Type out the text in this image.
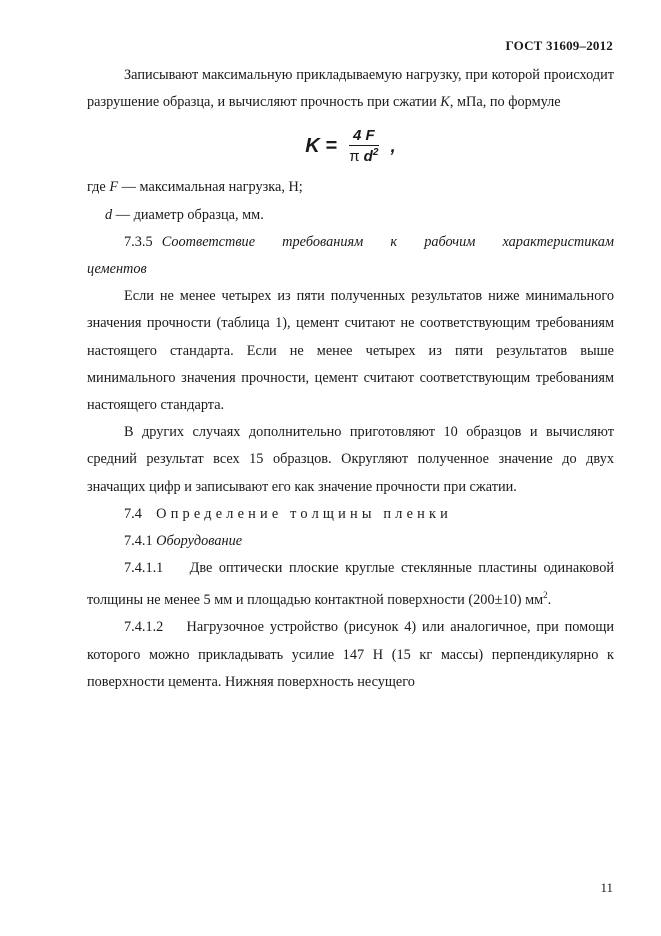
ГОСТ 31609–2012

Записывают максимальную прикладываемую нагрузку, при которой происходит разрушение образца, и вычисляют прочность при сжатии K, мПа, по формуле

$K = \frac{4 F}{\pi d^2}$ ,

где F — максимальная нагрузка, Н;

d — диаметр образца, мм.

7.3.5 Соответствие требованиям к рабочим характеристикам цементов

Если не менее четырех из пяти полученных результатов ниже минимального значения прочности (таблица 1), цемент считают не соответствующим требованиям настоящего стандарта. Если не менее четырех из пяти результатов выше минимального значения прочности, цемент считают соответствующим требованиям настоящего стандарта.

В других случаях дополнительно приготовляют 10 образцов и вычисляют средний результат всех 15 образцов. Округляют полученное значение до двух значащих цифр и записывают его как значение прочности при сжатии.

7.4 Определение толщины пленки

7.4.1 Оборудование

7.4.1.1 Две оптически плоские круглые стеклянные пластины одинаковой толщины не менее 5 мм и площадью контактной поверхности (200±10) $мм^2$.

7.4.1.2 Нагрузочное устройство (рисунок 4) или аналогичное, при помощи которого можно прикладывать усилие 147 Н (15 кг массы) перпендикулярно к поверхности цемента. Нижняя поверхность несущего

11
